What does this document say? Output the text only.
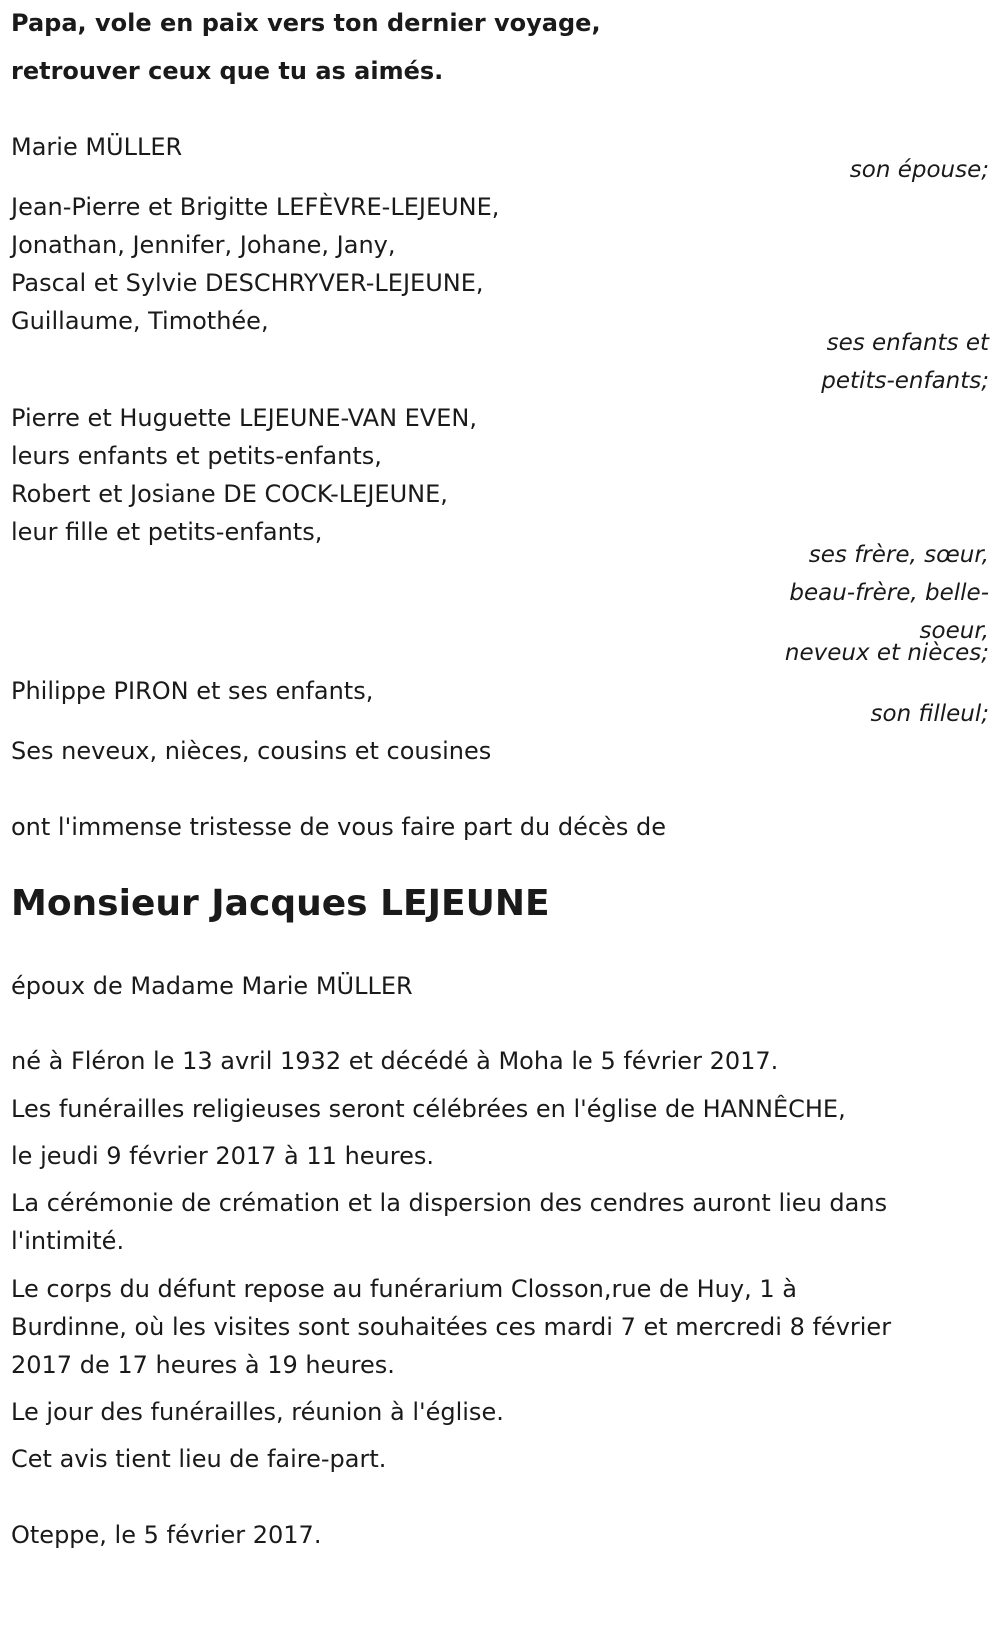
Papa, vole en paix vers ton dernier voyage,

retrouver ceux que tu as aimés.

Marie MÜLLER

son épouse;

Jean-Pierre et Brigitte LEFÈVRE-LEJEUNE,

Jonathan, Jennifer, Johane, Jany,

Pascal et Sylvie DESCHRYVER-LEJEUNE,

Guillaume, Timothée,

ses enfants et

petits-enfants;

Pierre et Huguette LEJEUNE-VAN EVEN,

leurs enfants et petits-enfants,

Robert et Josiane DE COCK-LEJEUNE,

leur fille et petits-enfants,

ses frère, sœur,

beau-frère, belle-

soeur,

neveux et nièces;

Philippe PIRON et ses enfants,

son filleul;

Ses neveux, nièces, cousins et cousines

ont l'immense tristesse de vous faire part du décès de

Monsieur Jacques LEJEUNE

époux de Madame Marie MÜLLER

né à Fléron le 13 avril 1932 et décédé à Moha le 5 février 2017.

Les funérailles religieuses seront célébrées en l'église de HANNÊCHE,

le jeudi 9 février 2017 à 11 heures.

La cérémonie de crémation et la dispersion des cendres auront lieu dans

l'intimité.

Le corps du défunt repose au funérarium Closson,rue de Huy, 1 à

Burdinne, où les visites sont souhaitées ces mardi 7 et mercredi 8 février

2017 de 17 heures à 19 heures.

Le jour des funérailles, réunion à l'église.

Cet avis tient lieu de faire-part.

Oteppe, le 5 février 2017.
